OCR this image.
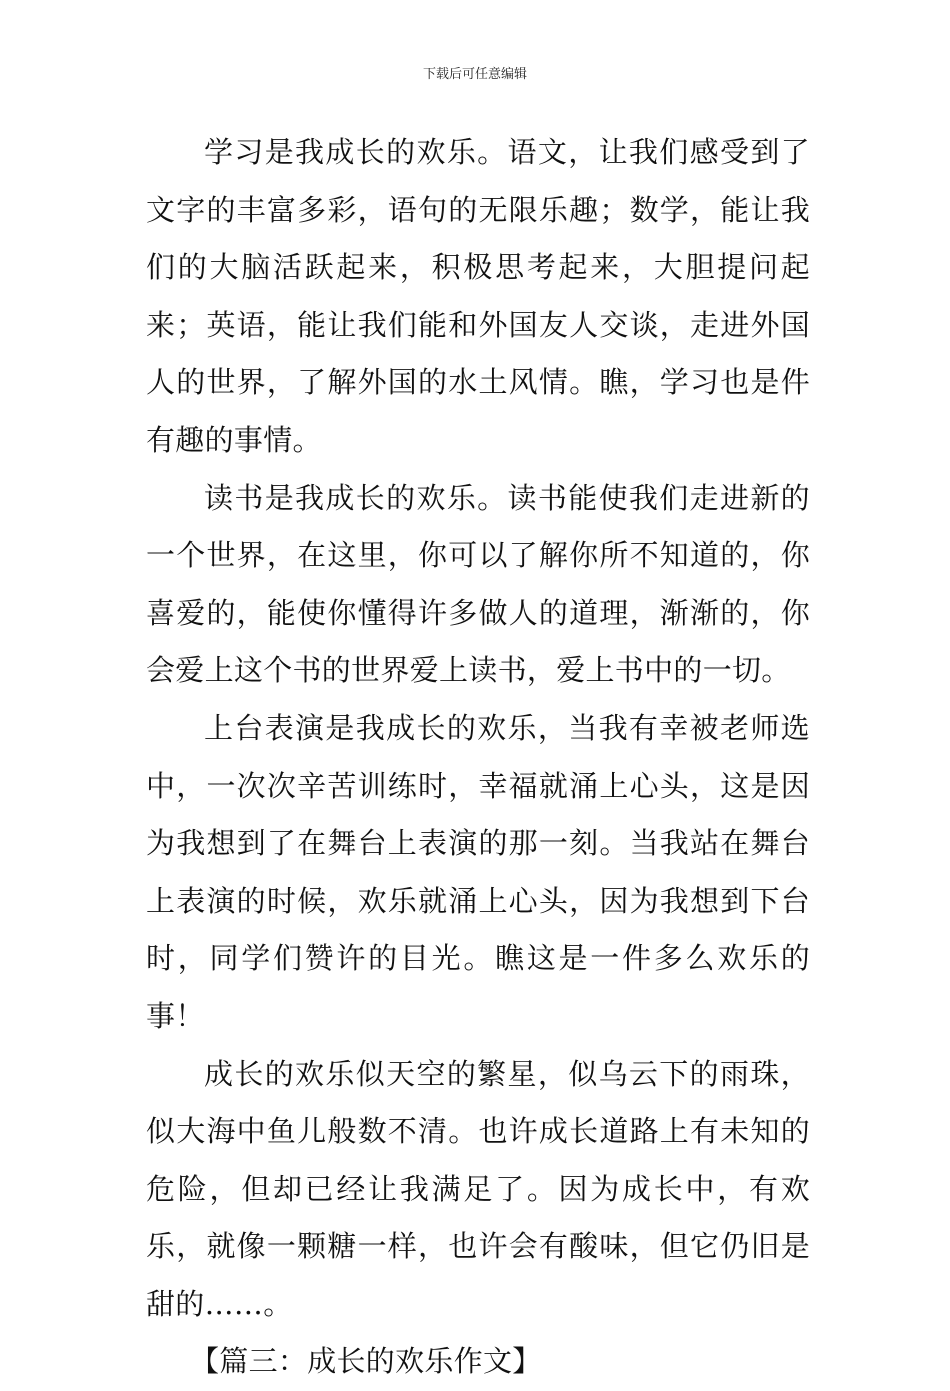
下载后可任意编辑

学习是我成长的欢乐。语文，让我们感受到了文字的丰富多彩，语句的无限乐趣；数学，能让我们的大脑活跃起来，积极思考起来，大胆提问起来；英语，能让我们能和外国友人交谈，走进外国人的世界，了解外国的水土风情。瞧，学习也是件有趣的事情。

读书是我成长的欢乐。读书能使我们走进新的一个世界，在这里，你可以了解你所不知道的，你喜爱的，能使你懂得许多做人的道理，渐渐的，你会爱上这个书的世界爱上读书，爱上书中的一切。

上台表演是我成长的欢乐，当我有幸被老师选中，一次次辛苦训练时，幸福就涌上心头，这是因为我想到了在舞台上表演的那一刻。当我站在舞台上表演的时候，欢乐就涌上心头，因为我想到下台时，同学们赞许的目光。瞧这是一件多么欢乐的事！

成长的欢乐似天空的繁星，似乌云下的雨珠，似大海中鱼儿般数不清。也许成长道路上有未知的危险，但却已经让我满足了。因为成长中，有欢乐，就像一颗糖一样，也许会有酸味，但它仍旧是甜的……。

【篇三：成长的欢乐作文】
